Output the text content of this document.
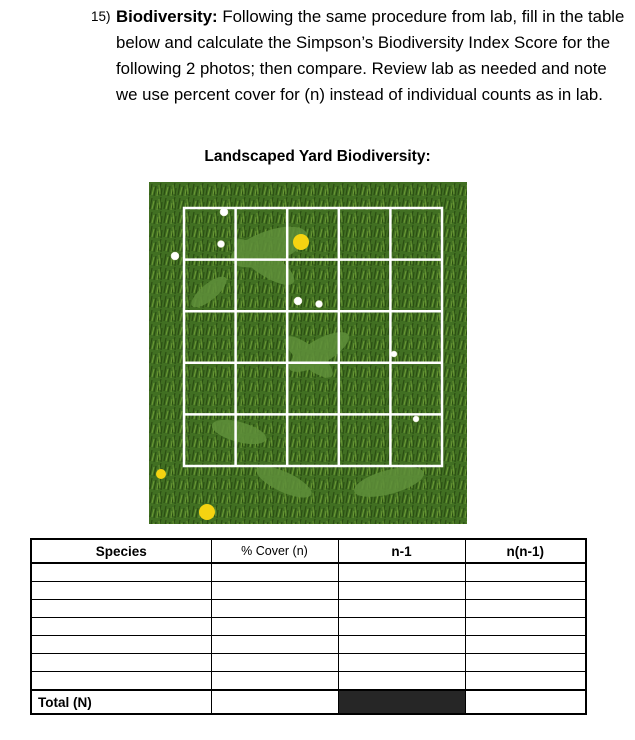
15) Biodiversity: Following the same procedure from lab, fill in the table below and calculate the Simpson’s Biodiversity Index Score for the following 2 photos; then compare. Review lab as needed and note we use percent cover for (n) instead of individual counts as in lab.
Landscaped Yard Biodiversity:
Species	% Cover (n)	n-1	n(n-1)

Total (N)			
